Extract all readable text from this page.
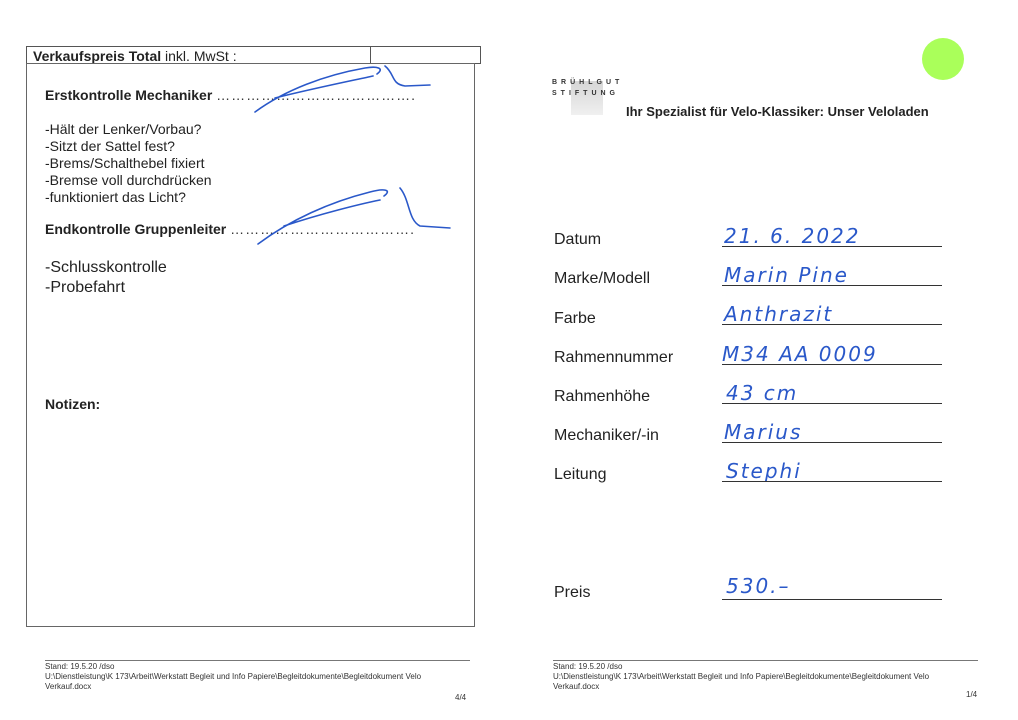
Verkaufspreis Total inkl. MwSt :
Erstkontrolle Mechaniker ………………………………….
-Hält der Lenker/Vorbau?
-Sitzt der Sattel fest?
-Brems/Schalthebel fixiert
-Bremse voll durchdrücken
-funktioniert das Licht?
Endkontrolle Gruppenleiter ……………………………….
-Schlusskontrolle
-Probefahrt
Notizen:
Stand: 19.5.20 /dso
U:\Dienstleistung\K 173\Arbeit\Werkstatt Begleit und Info Papiere\Begleitdokumente\Begleitdokument Velo
Verkauf.docx
4/4
BRÜHLGUT
STIFTUNG
Ihr Spezialist für Velo-Klassiker: Unser Veloladen
Datum	21. 6. 2022
Marke/Modell	Marin Pine
Farbe	Anthrazit
Rahmennummer M34 AA 0009
Rahmenhöhe	43 cm
Mechaniker/-in	Marius
Leitung	Stephi
Preis	530.–
Stand: 19.5.20 /dso
U:\Dienstleistung\K 173\Arbeit\Werkstatt Begleit und Info Papiere\Begleitdokumente\Begleitdokument Velo
Verkauf.docx
1/4
